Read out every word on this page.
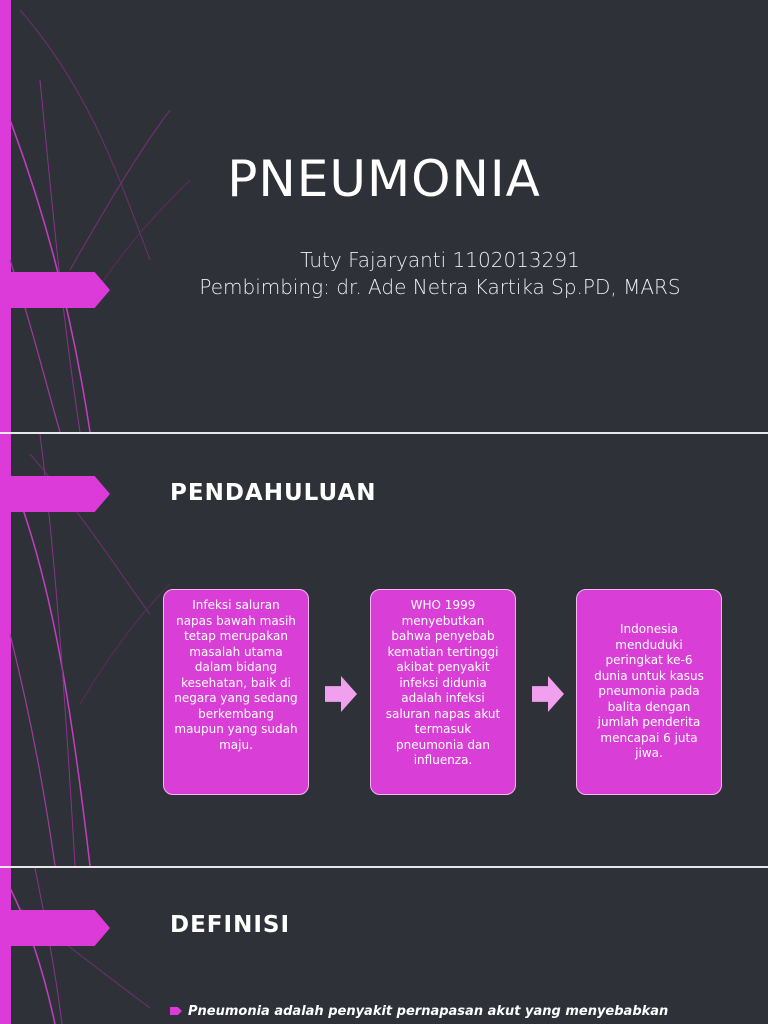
PNEUMONIA
Tuty Fajaryanti 1102013291
Pembimbing: dr. Ade Netra Kartika Sp.PD, MARS
PENDAHULUAN
Infeksi saluran napas bawah masih tetap merupakan masalah utama dalam bidang kesehatan, baik di negara yang sedang berkembang maupun yang sudah maju.
WHO 1999 menyebutkan bahwa penyebab kematian tertinggi akibat penyakit infeksi didunia adalah infeksi saluran napas akut termasuk pneumonia dan influenza.
Indonesia menduduki peringkat ke-6 dunia untuk kasus pneumonia pada balita dengan jumlah penderita mencapai 6 juta jiwa.
DEFINISI
Pneumonia adalah penyakit pernapasan akut yang menyebabkan
